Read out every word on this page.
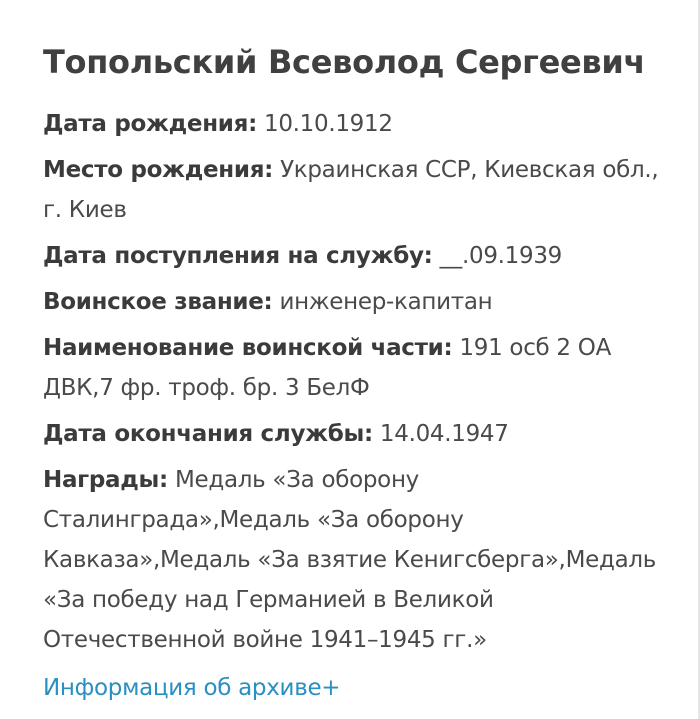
Топольский Всеволод Сергеевич
Дата рождения: 10.10.1912
Место рождения: Украинская ССР, Киевская обл., г. Киев
Дата поступления на службу: __.09.1939
Воинское звание: инженер-капитан
Наименование воинской части: 191 осб 2 ОА ДВК,7 фр. троф. бр. 3 БелФ
Дата окончания службы: 14.04.1947
Награды: Медаль «За оборону Сталинграда»,Медаль «За оборону Кавказа»,Медаль «За взятие Кенигсберга»,Медаль «За победу над Германией в Великой Отечественной войне 1941–1945 гг.»
Информация об архиве+
